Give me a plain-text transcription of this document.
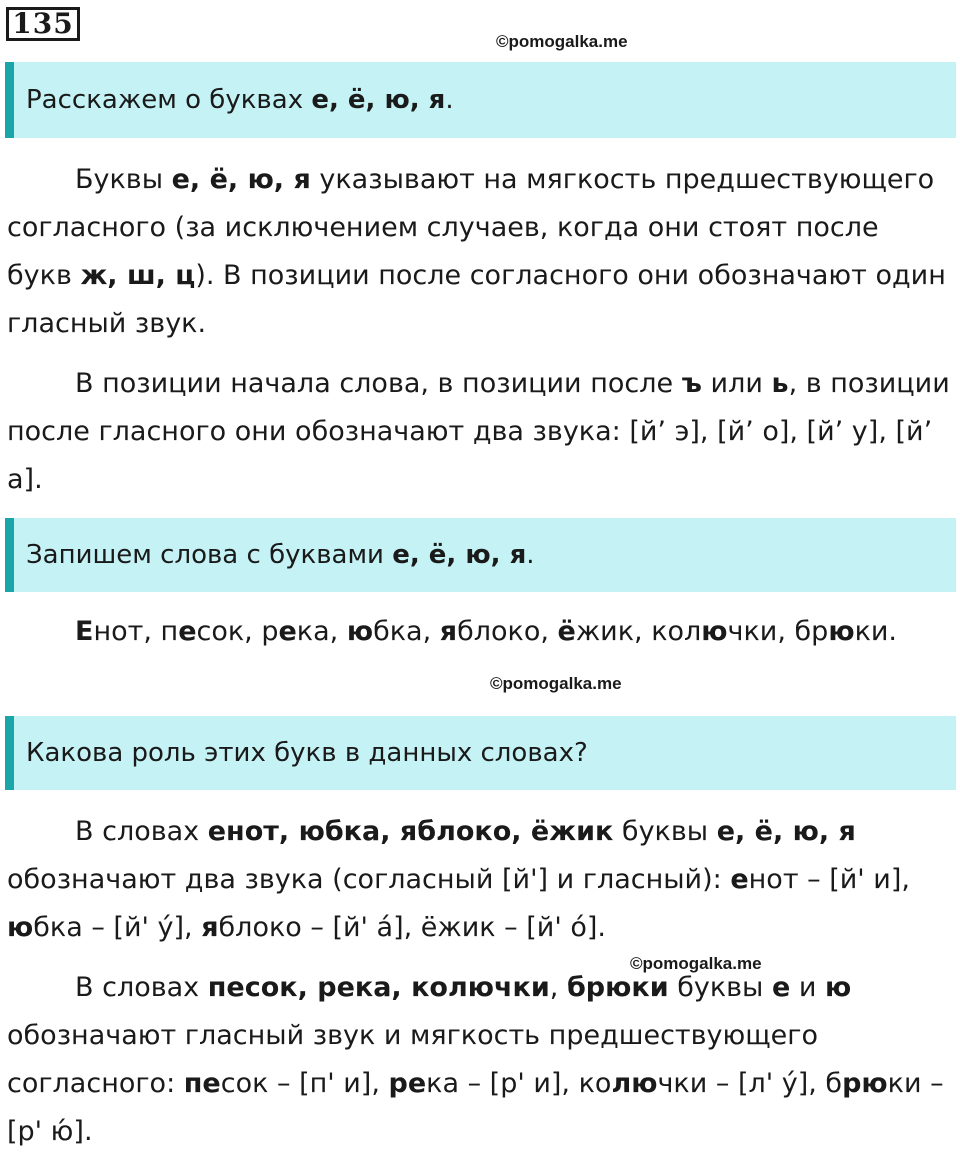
135
©pomogalka.me
Расскажем о буквах е, ё, ю, я .

Буквы е, ё, ю, я указывают на мягкость предшествующего согласного (за исключением случаев, когда они стоят после букв ж, ш, ц). В позиции после согласного они обозначают один гласный звук.

В позиции начала слова, в позиции после ъ или ь, в позиции после гласного они обозначают два звука: [й’ э], [й’ о], [й’ у], [й’ а].

Запишем слова с буквами е, ё, ю, я .

Енот, песок, река, юбка, яблоко, ёжик, колючки, брюки.

©pomogalka.me
Какова роль этих букв в данных словах?

В словах енот, юбка, яблоко, ёжик буквы е, ё, ю, я обозначают два звука (согласный [й'] и гласный): енот – [й' и], юбка – [й' у́], яблоко – [й' а́], ёжик – [й' о́].

©pomogalka.me

В словах песок, река, колючки, брюки буквы е и ю обозначают гласный звук и мягкость предшествующего согласного: песок – [п' и], река – [р' и], колючки – [л' у́], брюки – [р' ю́].
